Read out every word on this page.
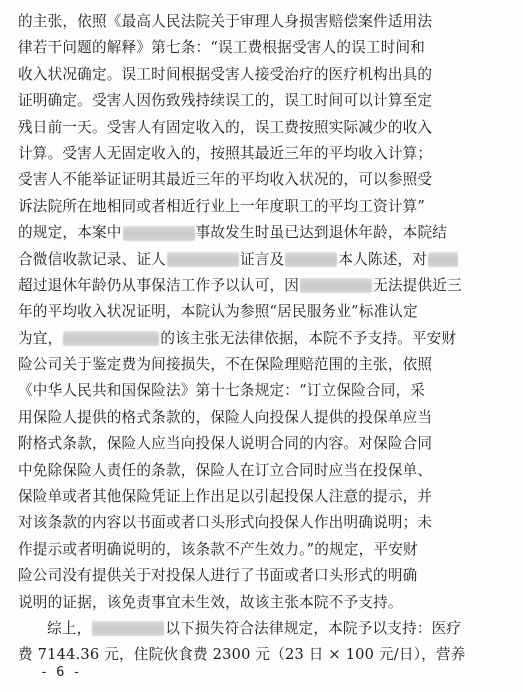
的主张，依照《最高人民法院关于审理人身损害赔偿案件适用法
律若干问题的解释》第七条：“误工费根据受害人的误工时间和
收入状况确定。误工时间根据受害人接受治疗的医疗机构出具的
证明确定。受害人因伤致残持续误工的，误工时间可以计算至定
残日前一天。受害人有固定收入的，误工费按照实际减少的收入
计算。受害人无固定收入的，按照其最近三年的平均收入计算；
受害人不能举证证明其最近三年的平均收入状况的，可以参照受
诉法院所在地相同或者相近行业上一年度职工的平均工资计算”
的规定，本案中	事故发生时虽已达到退休年龄，本院结
合微信收款记录、证人	证言及	本人陈述，对
超过退休年龄仍从事保洁工作予以认可，因	无法提供近三
年的平均收入状况证明，本院认为参照“居民服务业”标准认定
为宜，	的该主张无法律依据，本院不予支持。平安财
险公司关于鉴定费为间接损失，不在保险理赔范围的主张，依照
《中华人民共和国保险法》第十七条规定：“订立保险合同，采
用保险人提供的格式条款的，保险人向投保人提供的投保单应当
附格式条款，保险人应当向投保人说明合同的内容。对保险合同
中免除保险人责任的条款，保险人在订立合同时应当在投保单、
保险单或者其他保险凭证上作出足以引起投保人注意的提示，并
对该条款的内容以书面或者口头形式向投保人作出明确说明；未
作提示或者明确说明的，该条款不产生效力。”的规定，平安财
险公司没有提供关于对投保人进行了书面或者口头形式的明确
说明的证据，该免责事宜未生效，故该主张本院不予支持。
综上，	以下损失符合法律规定，本院予以支持：医疗
费 7144.36 元，住院伙食费 2300 元（23 日 × 100 元/日），营养
- 6 -
